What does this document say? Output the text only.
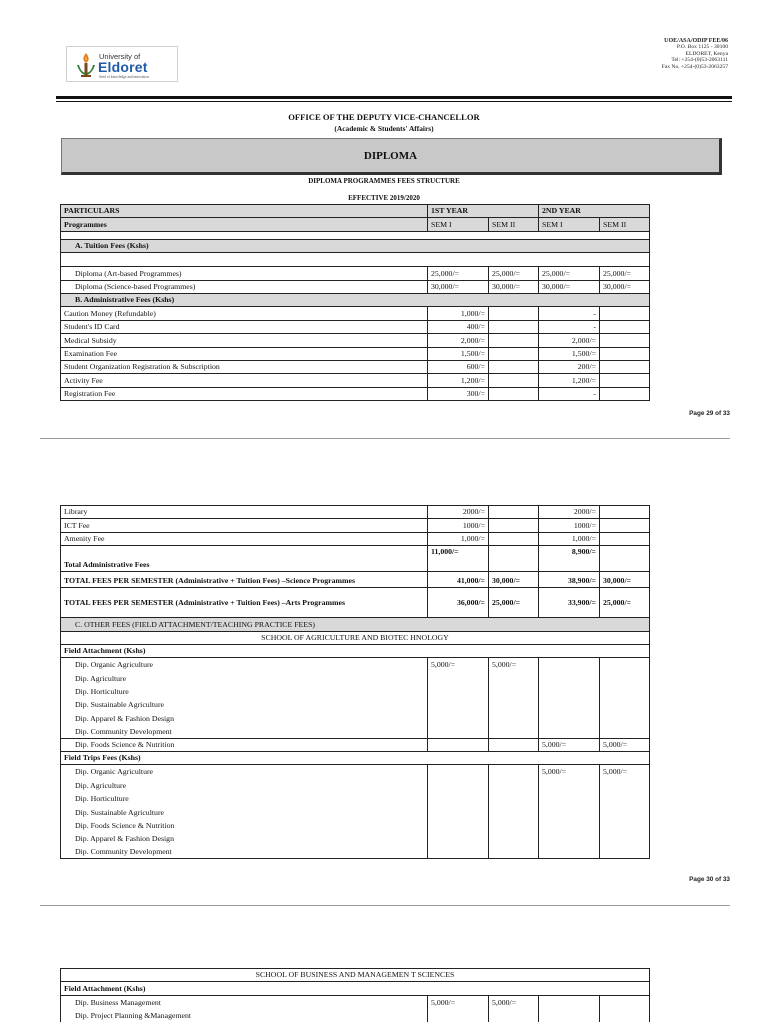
University of
Eldoret
Seed of knowledge and innovation
UOE/ASA/ODIP FEE/06
P.O. Box 1125 - 30100
ELDORET, Kenya
Tel: +254-(0)53-2063111
Fax No. +254-(0)53-2063257
OFFICE OF THE DEPUTY VICE-CHANCELLOR
(Academic & Students' Affairs)
DIPLOMA
DIPLOMA PROGRAMMES FEES STRUCTURE
EFFECTIVE 2019/2020
PARTICULARS	1ST YEAR		2ND YEAR	
Programmes	SEM I	SEM II	SEM I	SEM II

A. Tuition Fees (Kshs)				

Diploma (Art-based Programmes)	25,000/=	25,000/=	25,000/=	25,000/=
Diploma (Science-based Programmes)	30,000/=	30,000/=	30,000/=	30,000/=
B. Administrative Fees (Kshs)				
Caution Money (Refundable)	1,000/=		-	
Student's ID Card	400/=		-	
Medical Subsidy	2,000/=		2,000/=	
Examination Fee	1,500/=		1,500/=	
Student Organization Registration & Subscription	600/=		200/=	
Activity Fee	1,200/=		1,200/=	
Registration Fee	300/=		-	
Page 29 of 33
Library	2000/=		2000/=	
ICT Fee	1000/=		1000/=	
Amenity Fee	1,000/=		1,000/=	
Total Administrative Fees	11,000/=		8,900/=	
TOTAL FEES PER SEMESTER (Administrative + Tuition Fees) –Science Programmes	41,000/=	30,000/=	38,900/=	30,000/=
TOTAL FEES PER SEMESTER (Administrative + Tuition Fees) –Arts Programmes	36,000/=	25,000/=	33,900/=	25,000/=
C. OTHER FEES (FIELD ATTACHMENT/TEACHING PRACTICE FEES)				
SCHOOL OF AGRICULTURE AND BIOTEC HNOLOGY				
Field Attachment (Kshs)				
Dip. Organic Agriculture	5,000/=	5,000/=		
Dip. Agriculture				
Dip. Horticulture				
Dip. Sustainable Agriculture				
Dip. Apparel & Fashion Design				
Dip. Community Development				
Dip. Foods Science & Nutrition			5,000/=	5,000/=
Field Trips Fees (Kshs)				
Dip. Organic Agriculture			5,000/=	5,000/=
Dip. Agriculture				
Dip. Horticulture				
Dip. Sustainable Agriculture				
Dip. Foods Science & Nutrition				
Dip. Apparel & Fashion Design				
Dip. Community Development				
Page 30 of 33
SCHOOL OF BUSINESS AND MANAGEMEN T SCIENCES				
Field Attachment (Kshs)				
Dip. Business Management	5,000/=	5,000/=		
Dip. Project Planning &Management				
